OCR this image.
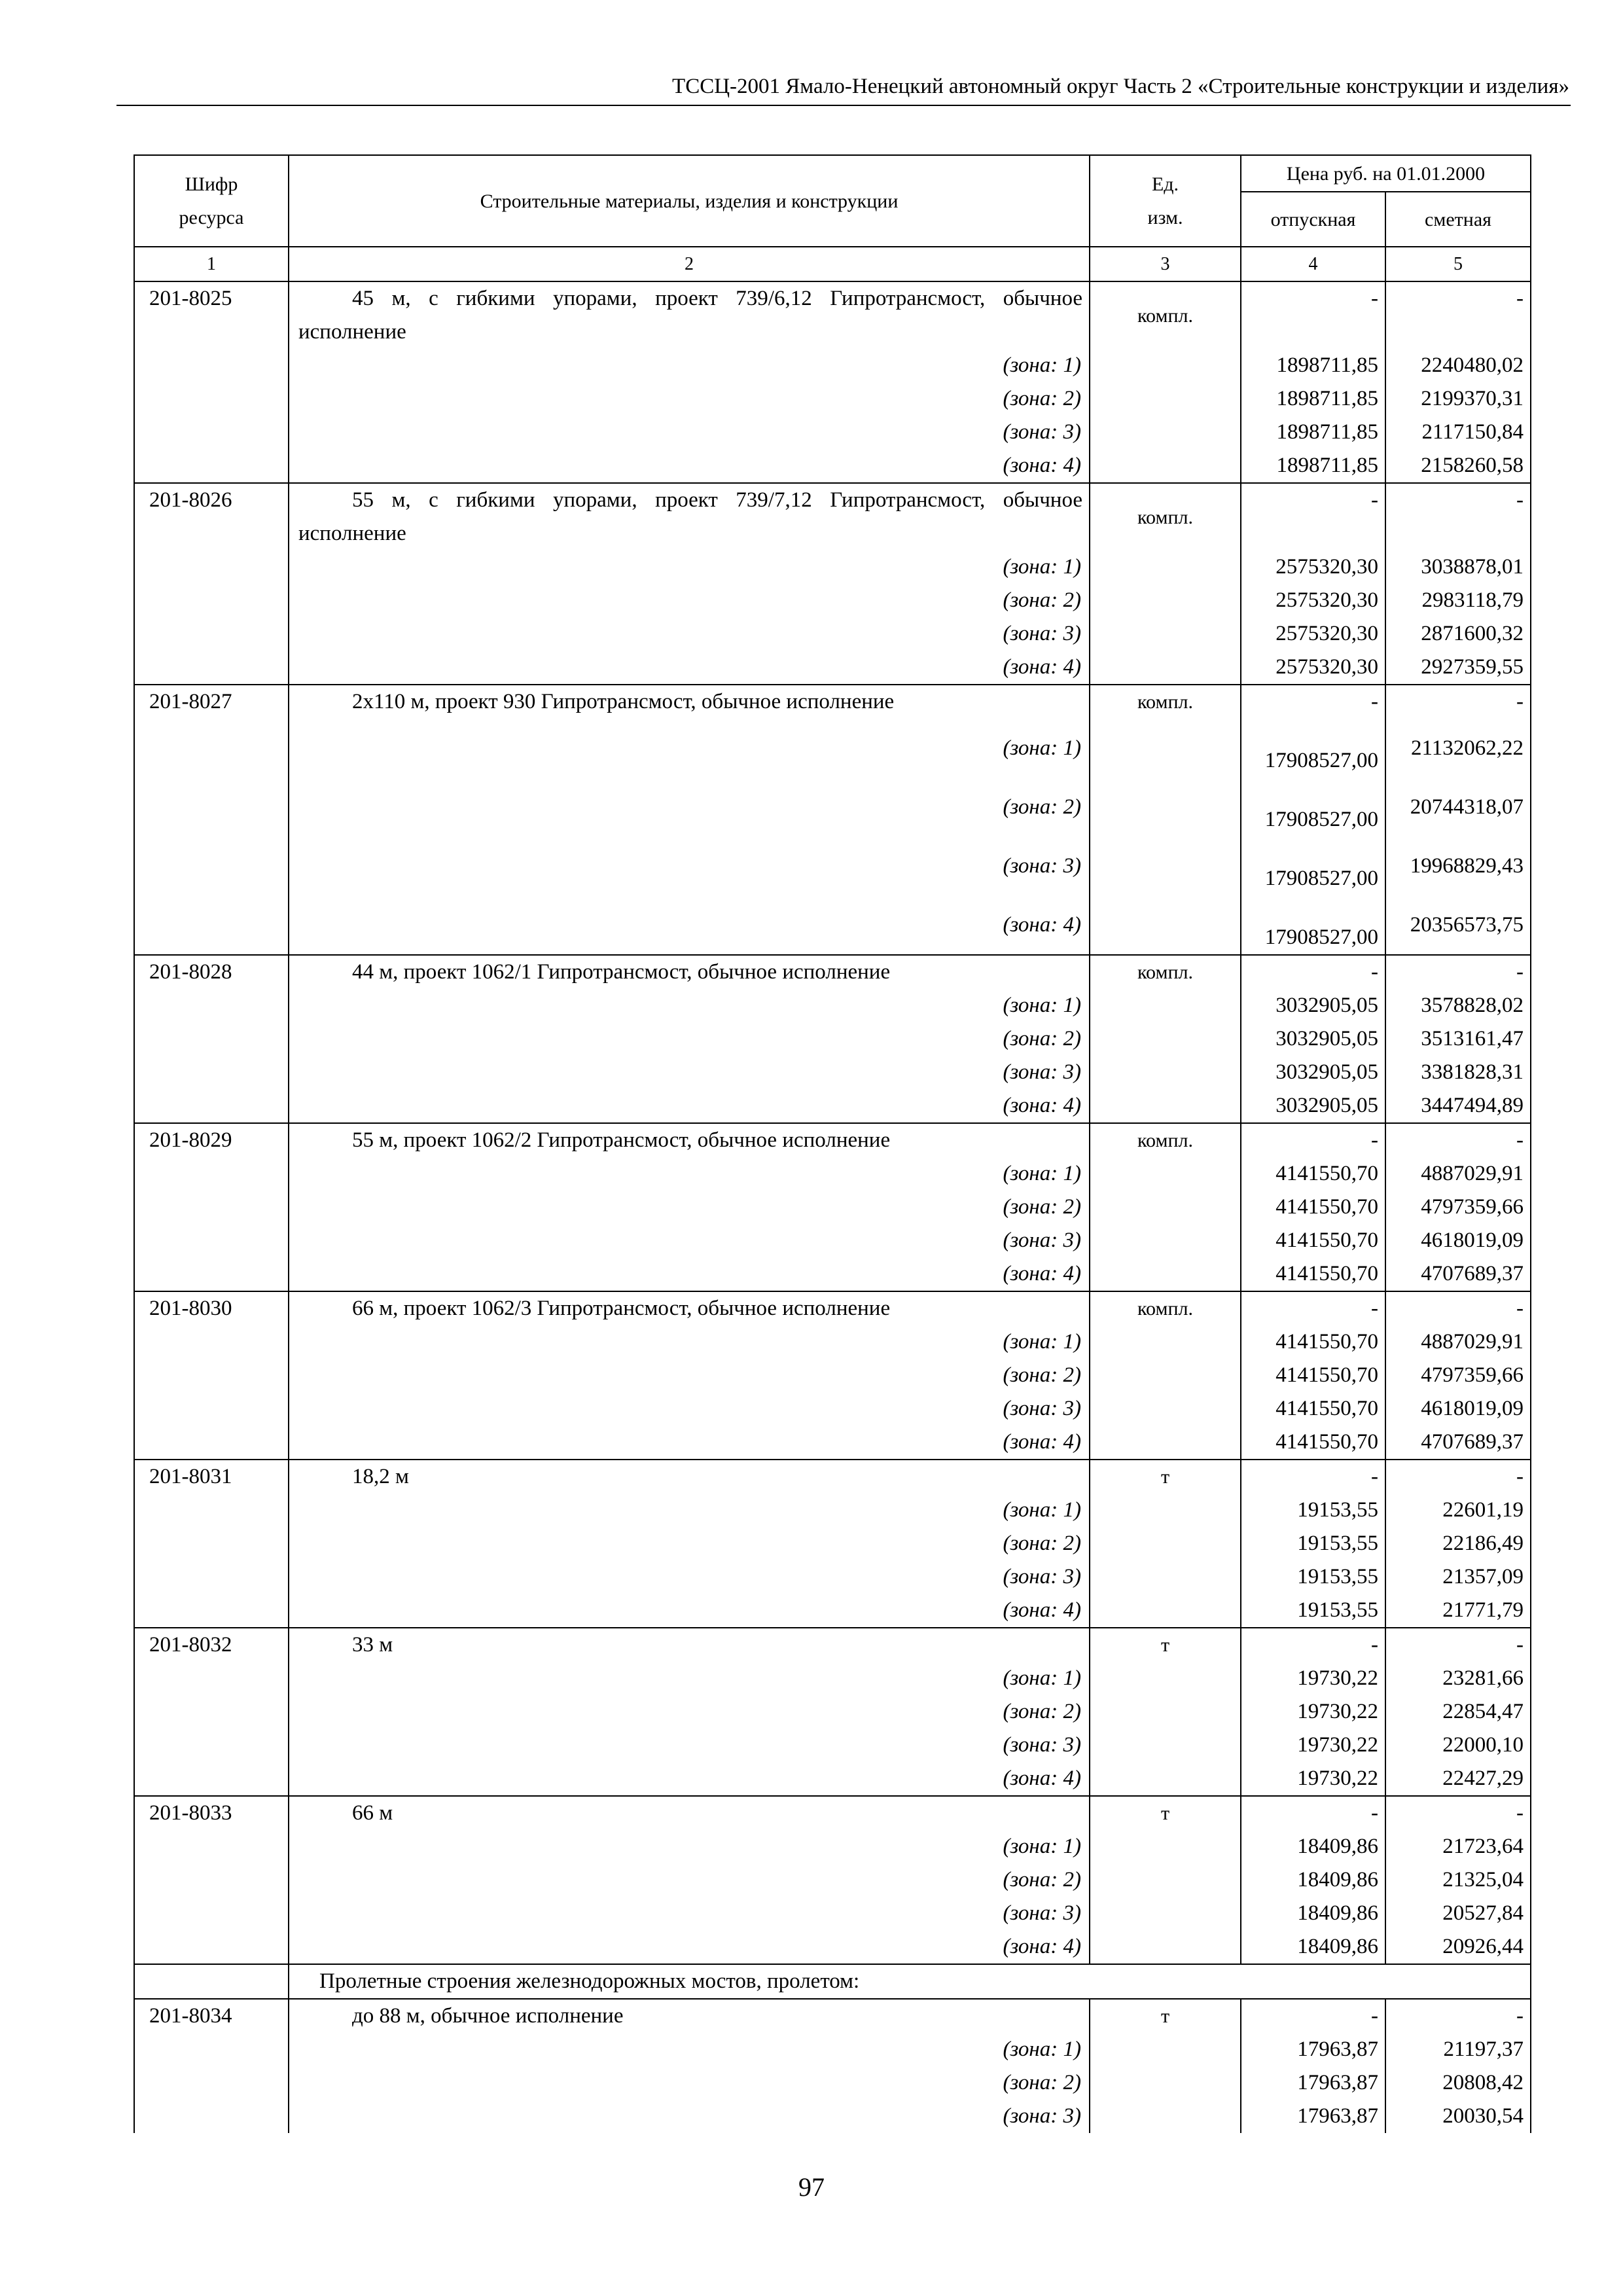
ТССЦ-2001 Ямало-Ненецкий автономный округ Часть 2 «Строительные конструкции и изделия»
Шифр ресурса	Строительные материалы, изделия и конструкции	Ед. изм.	Цена руб. на 01.01.2000	
			отпускная	сметная
1	2	3	4	5
201-8025	45 м, с гибкими упорами, проект 739/6,12 Гипротрансмост, обычное исполнение	компл.	-	-
	(зона: 1)		1898711,85	2240480,02
	(зона: 2)		1898711,85	2199370,31
	(зона: 3)		1898711,85	2117150,84
	(зона: 4)		1898711,85	2158260,58
201-8026	55 м, с гибкими упорами, проект 739/7,12 Гипротрансмост, обычное исполнение	компл.	-	-
	(зона: 1)		2575320,30	3038878,01
	(зона: 2)		2575320,30	2983118,79
	(зона: 3)		2575320,30	2871600,32
	(зона: 4)		2575320,30	2927359,55
201-8027	2х110 м, проект 930 Гипротрансмост, обычное исполнение	компл.	-	-
	(зона: 1)		17908527,00	21132062,22
	(зона: 2)		17908527,00	20744318,07
	(зона: 3)		17908527,00	19968829,43
	(зона: 4)		17908527,00	20356573,75
201-8028	44 м, проект 1062/1 Гипротрансмост, обычное исполнение	компл.	-	-
	(зона: 1)		3032905,05	3578828,02
	(зона: 2)		3032905,05	3513161,47
	(зона: 3)		3032905,05	3381828,31
	(зона: 4)		3032905,05	3447494,89
201-8029	55 м, проект 1062/2 Гипротрансмост, обычное исполнение	компл.	-	-
	(зона: 1)		4141550,70	4887029,91
	(зона: 2)		4141550,70	4797359,66
	(зона: 3)		4141550,70	4618019,09
	(зона: 4)		4141550,70	4707689,37
201-8030	66 м, проект 1062/3 Гипротрансмост, обычное исполнение	компл.	-	-
	(зона: 1)		4141550,70	4887029,91
	(зона: 2)		4141550,70	4797359,66
	(зона: 3)		4141550,70	4618019,09
	(зона: 4)		4141550,70	4707689,37
201-8031	18,2 м	т	-	-
	(зона: 1)		19153,55	22601,19
	(зона: 2)		19153,55	22186,49
	(зона: 3)		19153,55	21357,09
	(зона: 4)		19153,55	21771,79
201-8032	33 м	т	-	-
	(зона: 1)		19730,22	23281,66
	(зона: 2)		19730,22	22854,47
	(зона: 3)		19730,22	22000,10
	(зона: 4)		19730,22	22427,29
201-8033	66 м	т	-	-
	(зона: 1)		18409,86	21723,64
	(зона: 2)		18409,86	21325,04
	(зона: 3)		18409,86	20527,84
	(зона: 4)		18409,86	20926,44
	Пролетные строения железнодорожных мостов, пролетом:			
201-8034	до 88 м, обычное исполнение	т	-	-
	(зона: 1)		17963,87	21197,37
	(зона: 2)		17963,87	20808,42
	(зона: 3)		17963,87	20030,54
97
